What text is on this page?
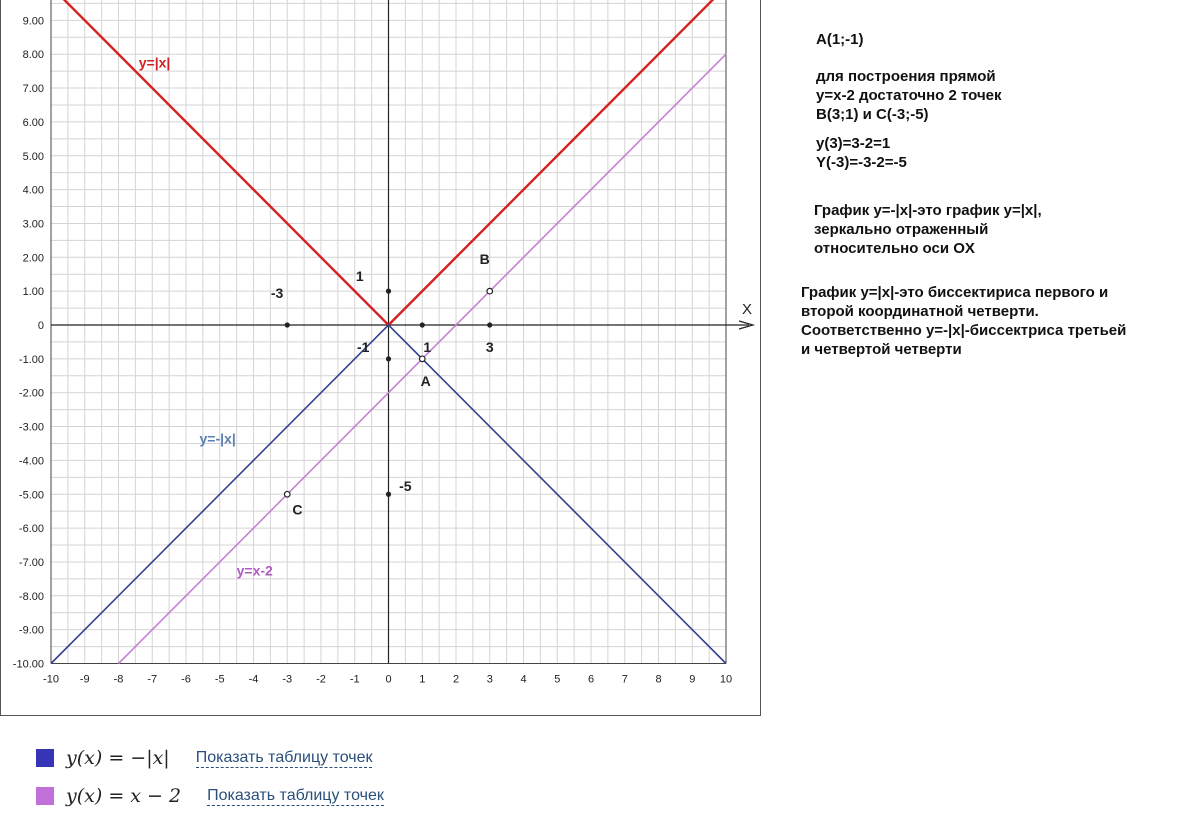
X
-10 -9 -8 -7 -6 -5 -4 -3 -2 -1 0	1	2	3	4	5	6	7	8	9 10
-10.00
-9.00
-8.00
-7.00
-6.00
-5.00
-4.00
-3.00
-2.00
-1.00
0
1.00
2.00
3.00
4.00
5.00
6.00
7.00
8.00
9.00
y=|x|
y=-|x|
y=x-2
1
-3
-1	1	3
-5
B
A
C
A(1;-1)
для построения прямой
y=x-2 достаточно 2 точек
B(3;1) и C(-3;-5)
y(3)=3-2=1
Y(-3)=-3-2=-5
График y=-|x|-это график y=|x|,
зеркально отраженный
относительно оси OX
График y=|x|-это биссектириса первого и
второй координатной четверти.
Соответственно y=-|x|-биссектриса третьей
и четвертой четверти
y(x) = −|x| Показать таблицу точек
y(x) = x − 2 Показать таблицу точек
